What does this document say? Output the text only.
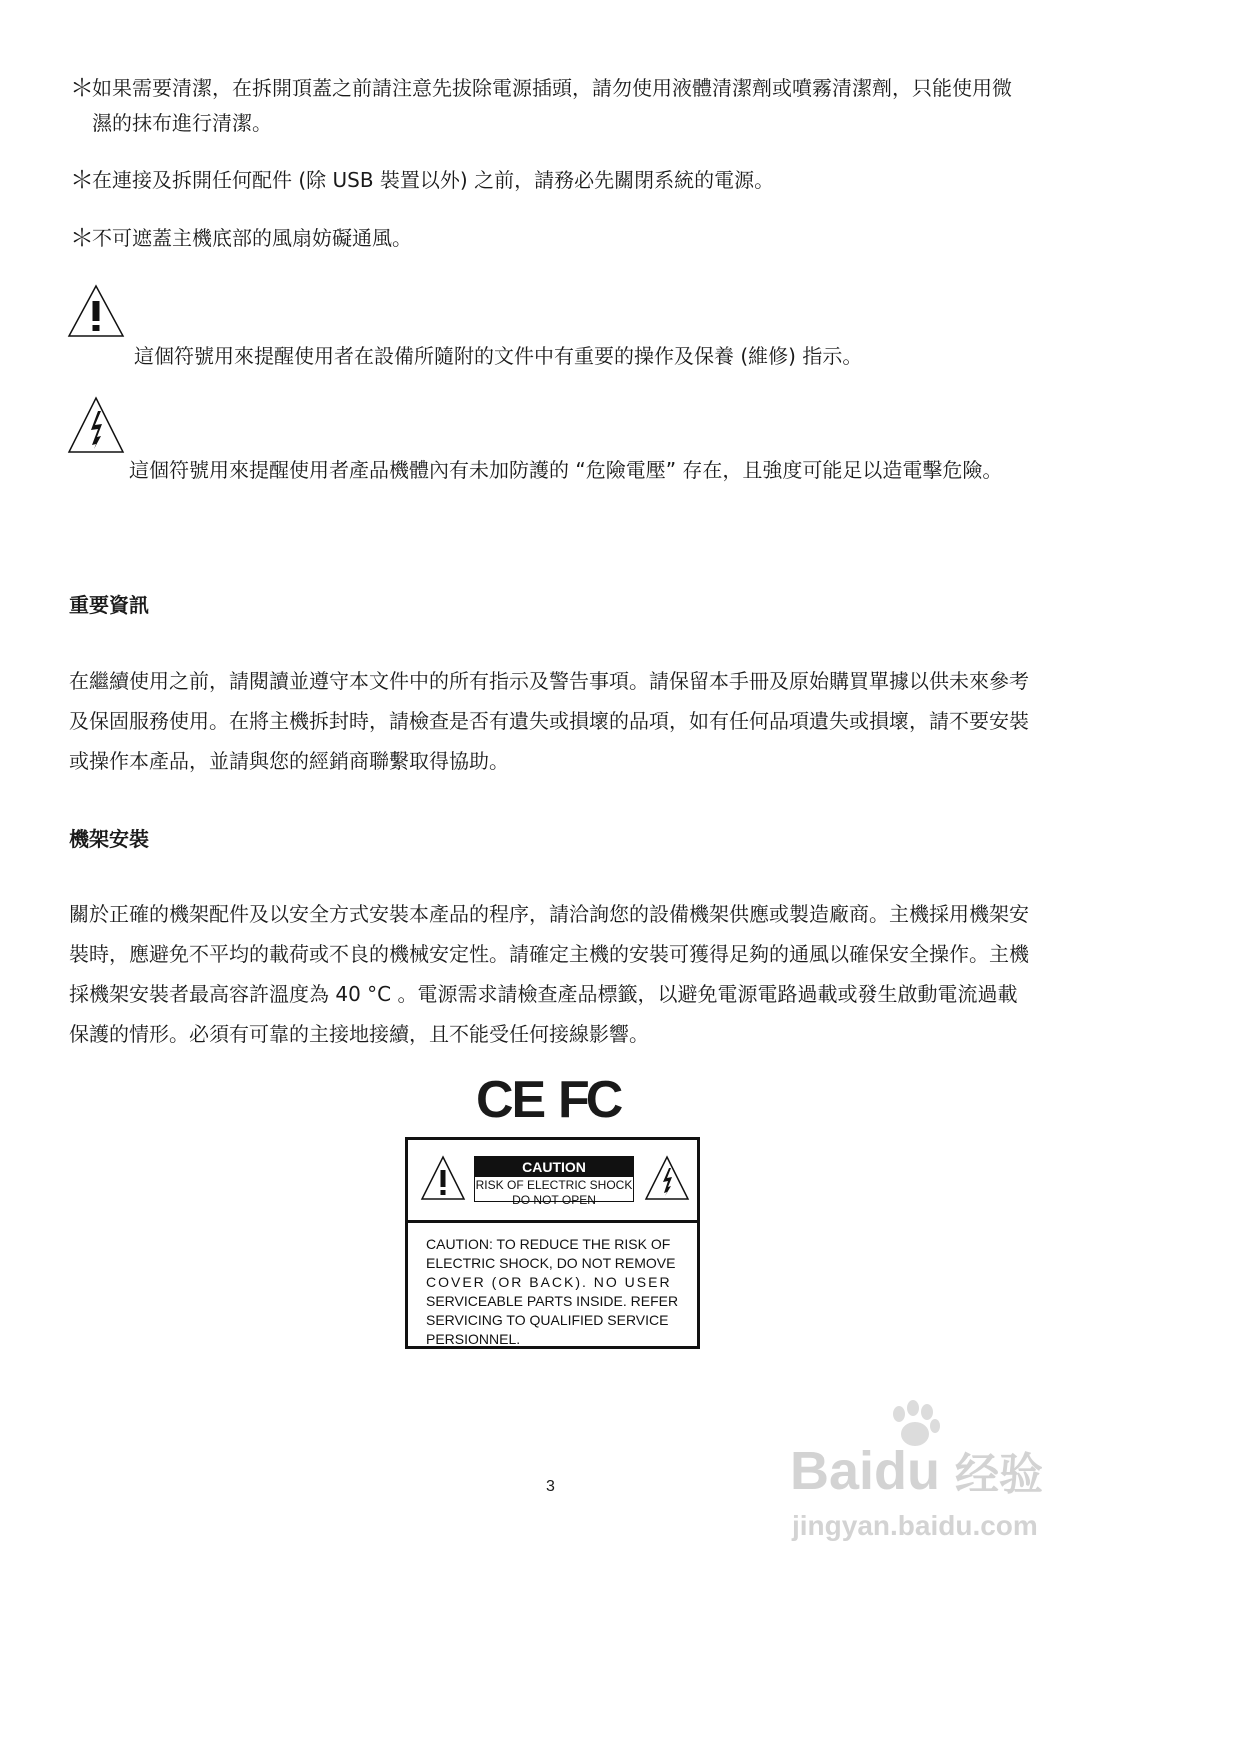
＊
如果需要清潔，在拆開頂蓋之前請注意先拔除電源插頭，請勿使用液體清潔劑或噴霧清潔劑，只能使用微
濕的抹布進行清潔。
＊
在連接及拆開任何配件 (除 USB 裝置以外) 之前，請務必先關閉系統的電源。
＊
不可遮蓋主機底部的風扇妨礙通風。
這個符號用來提醒使用者在設備所隨附的文件中有重要的操作及保養 (維修) 指示。
這個符號用來提醒使用者產品機體內有未加防護的 “危險電壓” 存在，且強度可能足以造電擊危險。
重要資訊
在繼續使用之前，請閱讀並遵守本文件中的所有指示及警告事項。請保留本手冊及原始購買單據以供未來參考
及保固服務使用。在將主機拆封時，請檢查是否有遺失或損壞的品項，如有任何品項遺失或損壞，請不要安裝
或操作本產品，並請與您的經銷商聯繫取得協助。
機架安裝
關於正確的機架配件及以安全方式安裝本產品的程序，請洽詢您的設備機架供應或製造廠商。主機採用機架安
裝時，應避免不平均的載荷或不良的機械安定性。請確定主機的安裝可獲得足夠的通風以確保安全操作。主機
採機架安裝者最高容許溫度為 40 °C 。電源需求請檢查產品標籤，以避免電源電路過載或發生啟動電流過載
保護的情形。必須有可靠的主接地接續，且不能受任何接線影響。
CE FC
CAUTION
RISK OF ELECTRIC SHOCK
DO NOT OPEN
CAUTION: TO REDUCE THE RISK OF
ELECTRIC SHOCK, DO NOT REMOVE
COVER (OR BACK). NO USER
SERVICEABLE PARTS INSIDE. REFER
SERVICING TO QUALIFIED SERVICE
PERSIONNEL.
3	Baidu 经验
jingyan.baidu.com
